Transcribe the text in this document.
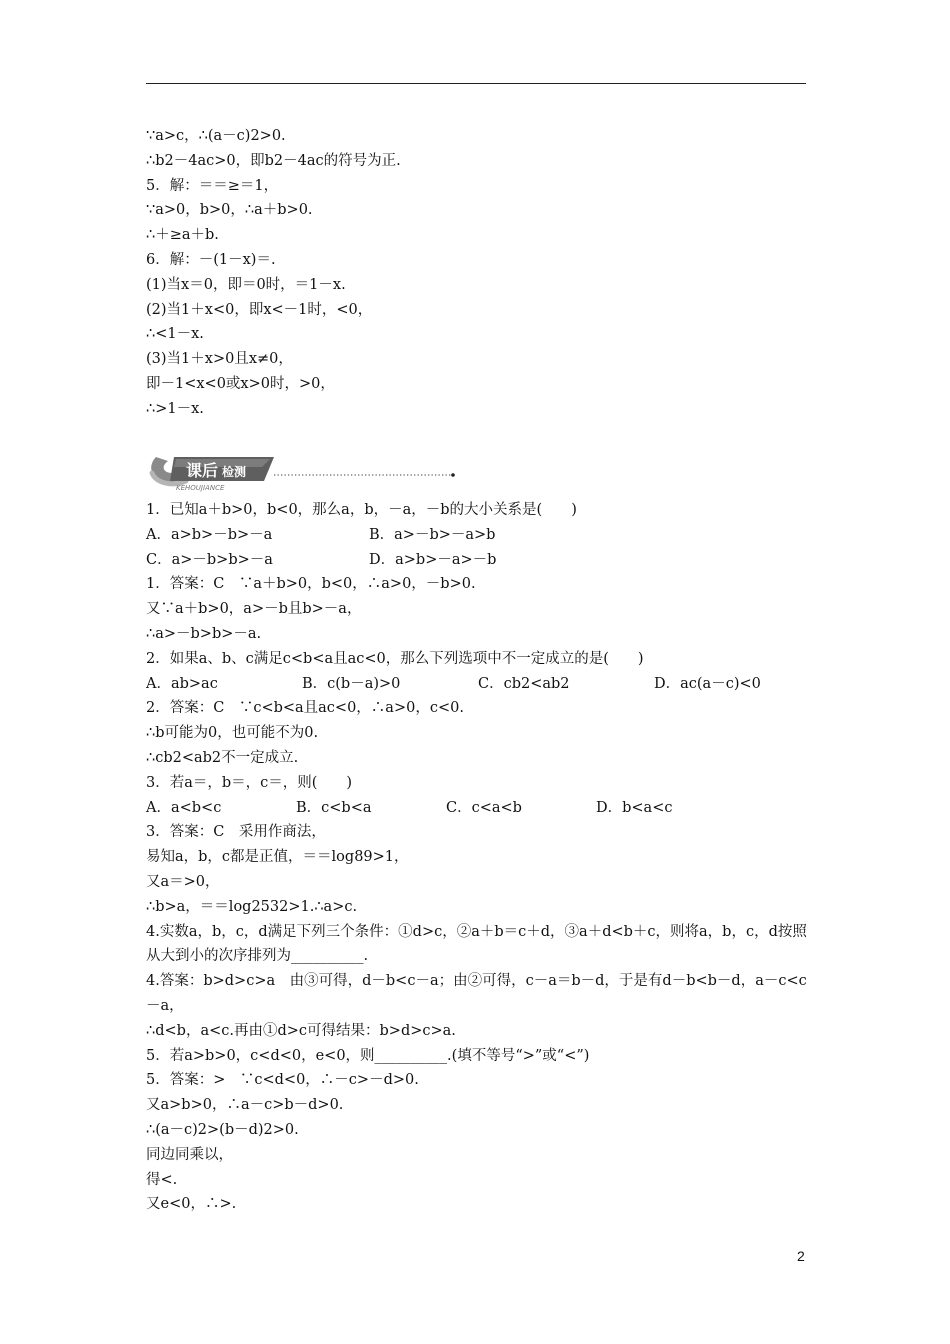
∵a>c，∴(a－c)2>0.
∴b2－4ac>0，即b2－4ac的符号为正.
5．解：＝＝≥＝1，
∵a>0，b>0，∴a＋b>0.
∴＋≥a＋b.
6．解：－(1－x)＝.
(1)当x＝0，即＝0时，＝1－x.
(2)当1＋x<0，即x<－1时，<0，
∴<1－x.
(3)当1＋x>0且x≠0，
即－1<x<0或x>0时，>0，
∴>1－x.
课后 检测
KEHOUJIANCE
1．已知a＋b>0，b<0，那么a，b，－a，－b的大小关系是(　　)
A．a>b>－b>－a	B．a>－b>－a>b
C．a>－b>b>－a	D．a>b>－a>－b
1．答案：C　∵a＋b>0，b<0，∴a>0，－b>0.
又∵a＋b>0，a>－b且b>－a，
∴a>－b>b>－a.
2．如果a、b、c满足c<b<a且ac<0，那么下列选项中不一定成立的是(　　)
A．ab>ac	B．c(b－a)>0	C．cb2<ab2	D．ac(a－c)<0
2．答案：C　∵c<b<a且ac<0，∴a>0，c<0.
∴b可能为0，也可能不为0.
∴cb2<ab2不一定成立.
3．若a＝，b＝，c＝，则(　　)
A．a<b<c	B．c<b<a	C．c<a<b	D．b<a<c
3．答案：C　采用作商法，
易知a，b，c都是正值，＝＝log89>1，
又a＝>0，
∴b>a，＝＝log2532>1.∴a>c.
4.实数a，b，c，d满足下列三个条件：①d>c，②a＋b＝c＋d，③a＋d<b＋c，则将a，b，c，d按照从大到小的次序排列为__________.
4.答案：b>d>c>a　由③可得，d－b<c－a；由②可得，c－a＝b－d，于是有d－b<b－d，a－c<c－a，
∴d<b，a<c.再由①d>c可得结果：b>d>c>a.
5．若a>b>0，c<d<0，e<0，则__________.(填不等号“>”或“<”)
5．答案：>　∵c<d<0，∴－c>－d>0.
又a>b>0，∴a－c>b－d>0.
∴(a－c)2>(b－d)2>0.
同边同乘以，
得<.
又e<0，∴>.
2
